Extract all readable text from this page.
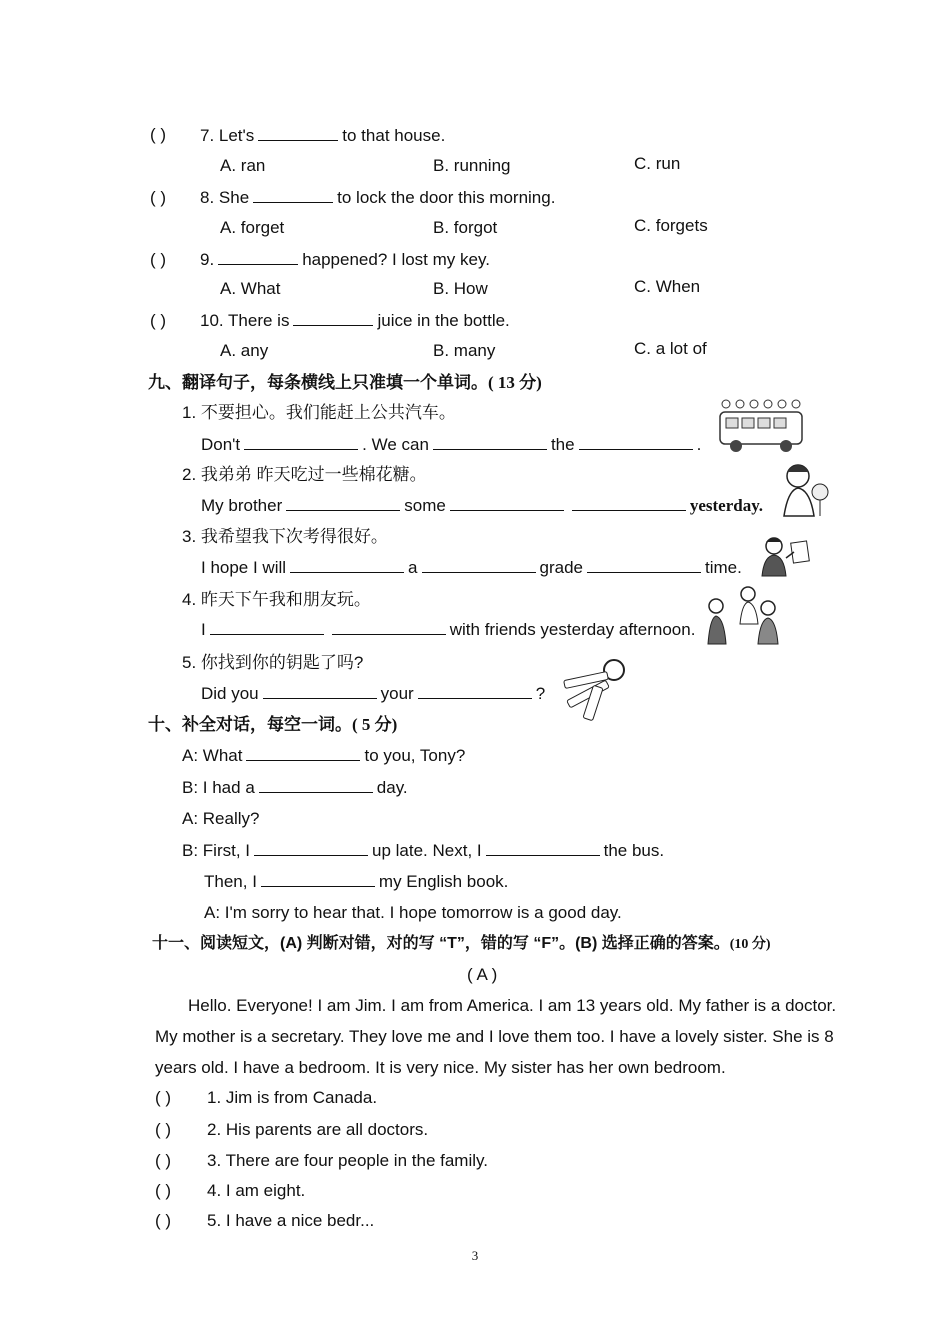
( ) 7. Let's	to that house.
A. ran	B. running	C. run
( ) 8. She	to lock the door this morning.
A. forget	B. forgot	C. forgets
( ) 9.	happened? I lost my key.
A. What	B. How	C. When
( ) 10. There is	juice in the bottle.
A. any	B. many	C. a lot of
九、翻译句子，每条横线上只准填一个单词。( 13 分)
1. 不要担心。我们能赶上公共汽车。
Don't	. We can	the	.
2. 我弟弟 昨天吃过一些棉花糖。
My brother	some	yesterday.
3. 我希望我下次考得很好。
I hope I will	a	grade	time.
4. 昨天下午我和朋友玩。
I	with friends yesterday afternoon.
5. 你找到你的钥匙了吗?
Did you	your	?
十、补全对话，每空一词。( 5 分)
A: What	to you, Tony?
B: I had a	day.
A: Really?
B: First, I	up late. Next, I	the bus.
Then, I	my English book.
A: I'm sorry to hear that. I hope tomorrow is a good day.
十一、阅读短文，(A) 判断对错，对的写 “T”，错的写 “F”。(B) 选择正确的答案。(10 分)
( A )
Hello. Everyone! I am Jim. I am from America. I am 13 years old. My father is a doctor.
My mother is a secretary. They love me and I love them too. I have a lovely sister. She is 8
years old. I have a bedroom. It is very nice. My sister has her own bedroom.
( ) 1. Jim is from Canada.
( ) 2. His parents are all doctors.
( ) 3. There are four people in the family.
( ) 4. I am eight.
( ) 5. I have a nice bedr...
3
